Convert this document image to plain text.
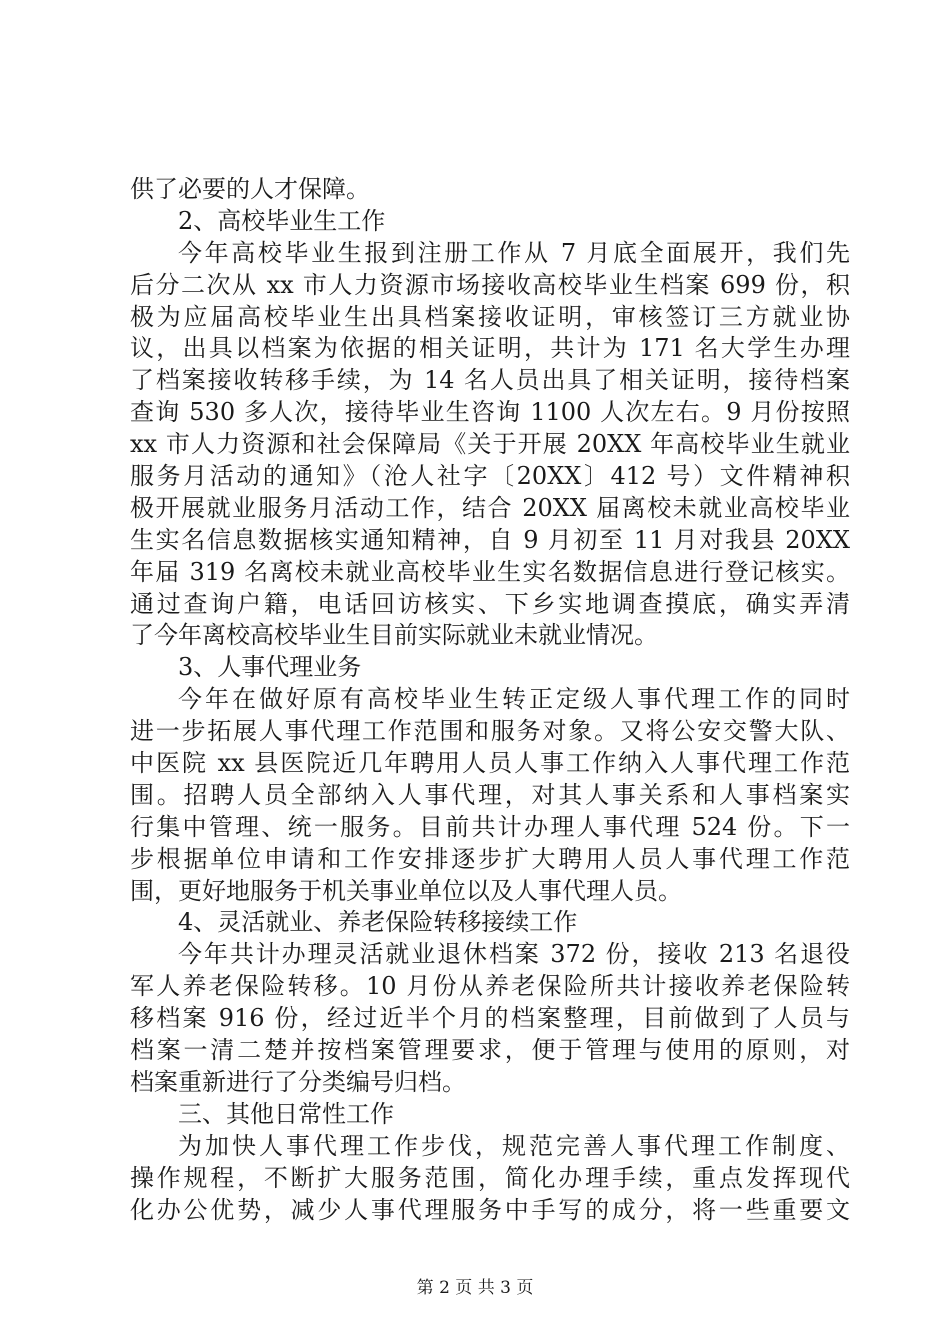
供了必要的人才保障。
2、高校毕业生工作
今年高校毕业生报到注册工作从 7 月底全面展开，我们先
后分二次从 xx 市人力资源市场接收高校毕业生档案 699 份，积
极为应届高校毕业生出具档案接收证明，审核签订三方就业协
议，出具以档案为依据的相关证明，共计为 171 名大学生办理
了档案接收转移手续，为 14 名人员出具了相关证明，接待档案
查询 530 多人次，接待毕业生咨询 1100 人次左右。9 月份按照
xx 市人力资源和社会保障局《关于开展 20XX 年高校毕业生就业
服务月活动的通知》（沧人社字〔20XX〕412 号）文件精神积
极开展就业服务月活动工作，结合 20XX 届离校未就业高校毕业
生实名信息数据核实通知精神，自 9 月初至 11 月对我县 20XX
年届 319 名离校未就业高校毕业生实名数据信息进行登记核实。
通过查询户籍，电话回访核实、下乡实地调查摸底，确实弄清
了今年离校高校毕业生目前实际就业未就业情况。
3、人事代理业务
今年在做好原有高校毕业生转正定级人事代理工作的同时
进一步拓展人事代理工作范围和服务对象。又将公安交警大队、
中医院 xx 县医院近几年聘用人员人事工作纳入人事代理工作范
围。招聘人员全部纳入人事代理，对其人事关系和人事档案实
行集中管理、统一服务。目前共计办理人事代理 524 份。下一
步根据单位申请和工作安排逐步扩大聘用人员人事代理工作范
围，更好地服务于机关事业单位以及人事代理人员。
4、灵活就业、养老保险转移接续工作
今年共计办理灵活就业退休档案 372 份，接收 213 名退役
军人养老保险转移。10 月份从养老保险所共计接收养老保险转
移档案 916 份，经过近半个月的档案整理，目前做到了人员与
档案一清二楚并按档案管理要求，便于管理与使用的原则，对
档案重新进行了分类编号归档。
三、其他日常性工作
为加快人事代理工作步伐，规范完善人事代理工作制度、
操作规程，不断扩大服务范围，简化办理手续，重点发挥现代
化办公优势，减少人事代理服务中手写的成分，将一些重要文
第 2 页 共 3 页
